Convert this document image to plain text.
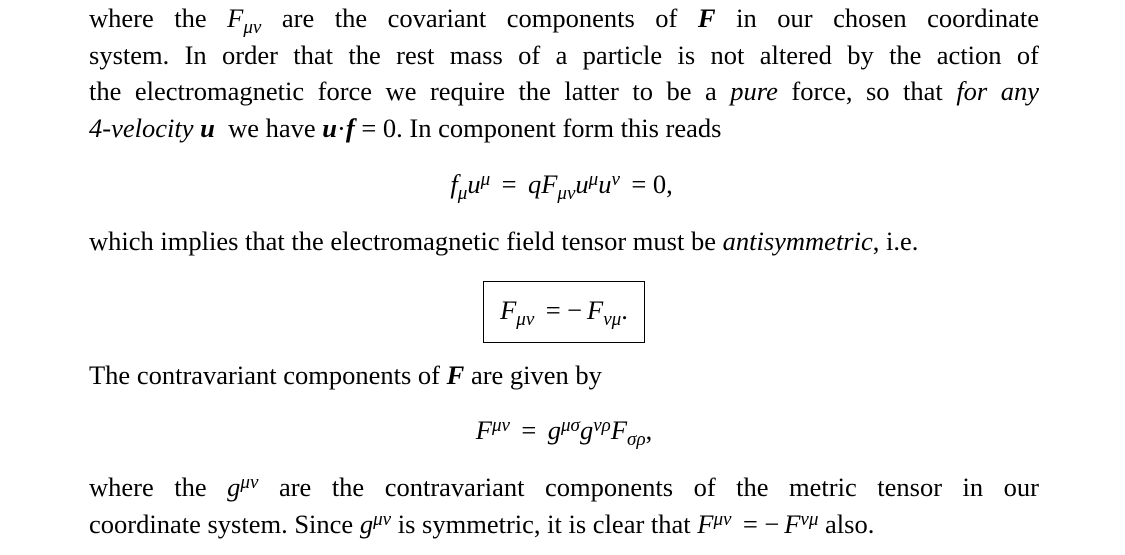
where the $F_{\mu\nu}$ are the covariant components of F in our chosen coordinate
system. In order that the rest mass of a particle is not altered by the action of
the electromagnetic force we require the latter to be a pure force, so that for any
4-velocity u we have u·f = 0. In component form this reads
$f_\mu u^\mu = qF_{\mu\nu}u^\mu u^\nu = 0$,
which implies that the electromagnetic field tensor must be antisymmetric, i.e.
$F_{\mu\nu}$ = − $F_{\nu\mu}$.
The contravariant components of F are given by
$F^{\mu\nu} = g^{\mu\sigma}g^{\nu\rho}F_{\sigma\rho}$,
where the $g^{\mu\nu}$ are the contravariant components of the metric tensor in our
coordinate system. Since $g^{\mu\nu}$ is symmetric, it is clear that $F^{\mu\nu}$ = − $F^{\nu\mu}$ also.
